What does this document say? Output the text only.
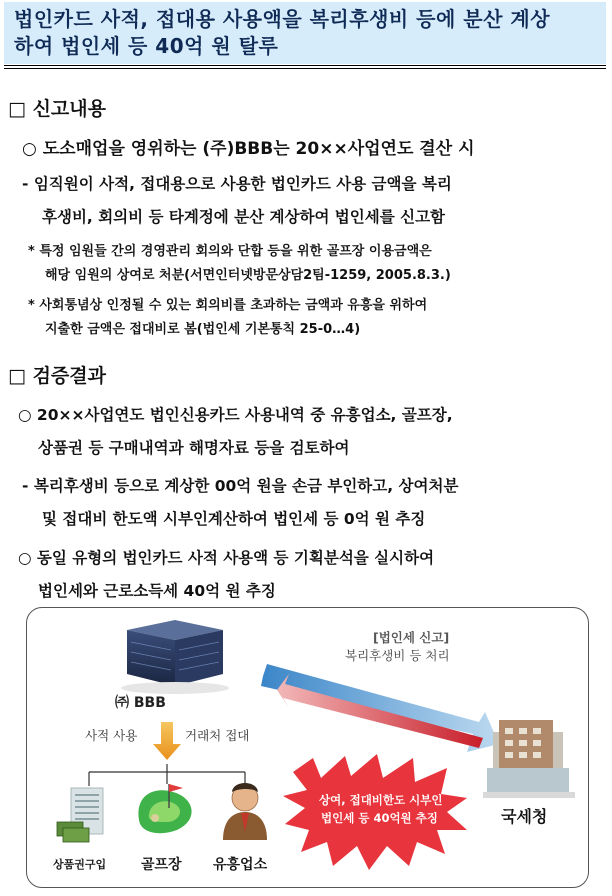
법인카드 사적, 접대용 사용액을 복리후생비 등에 분산 계상
하여 법인세 등 40억 원 탈루
□ 신고내용
○ 도소매업을 영위하는 (주)BBB는 20××사업연도 결산 시
- 임직원이 사적, 접대용으로 사용한 법인카드 사용 금액을 복리
후생비, 회의비 등 타계정에 분산 계상하여 법인세를 신고함
* 특정 임원들 간의 경영관리 회의와 단합 등을 위한 골프장 이용금액은
해당 임원의 상여로 처분(서면인터넷방문상담2팀-1259, 2005.8.3.)
* 사회통념상 인정될 수 있는 회의비를 초과하는 금액과 유흥을 위하여
지출한 금액은 접대비로 봄(법인세 기본통칙 25-0…4)
□ 검증결과
○ 20××사업연도 법인신용카드 사용내역 중 유흥업소, 골프장,
상품권 등 구매내역과 해명자료 등을 검토하여
- 복리후생비 등으로 계상한 00억 원을 손금 부인하고, 상여처분
및 접대비 한도액 시부인계산하여 법인세 등 0억 원 추징
○ 동일 유형의 법인카드 사적 사용액 등 기획분석을 실시하여
법인세와 근로소득세 40억 원 추징
㈜ BBB
[법인세 신고]
복리후생비 등 처리
사적 사용	거래처 접대
상여, 접대비한도 시부인
법인세 등 40억원 추징	국세청
상품권구입 골프장 유흥업소
